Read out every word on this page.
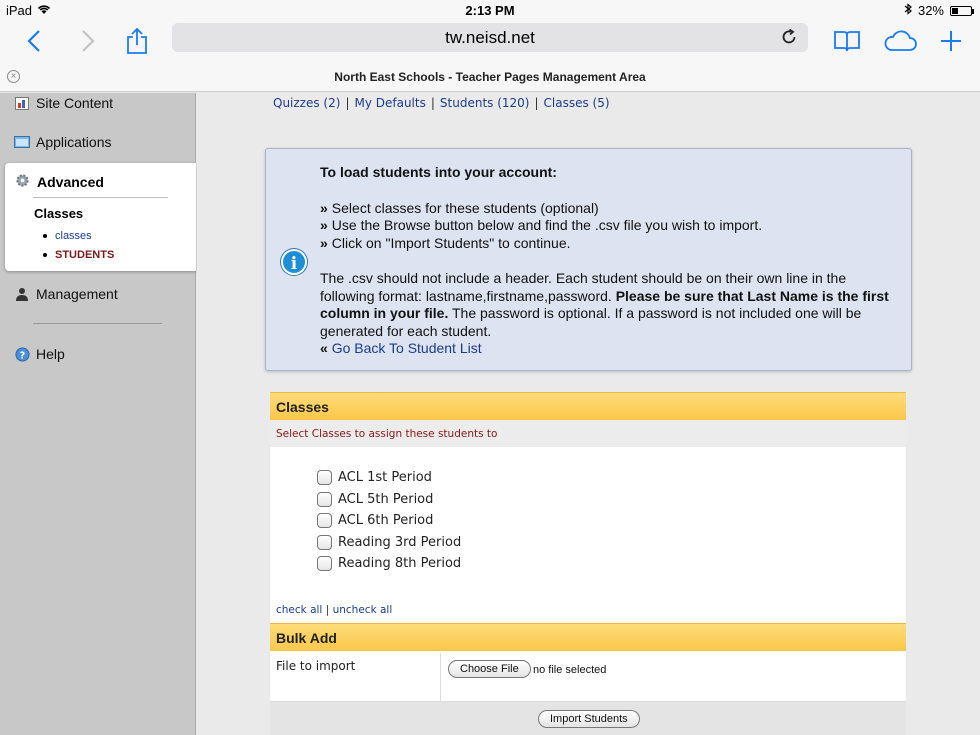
iPad	2:13 PM	32%
tw.neisd.net
×	North East Schools - Teacher Pages Management Area
Site Content
Applications
Advanced
Classes
classes
STUDENTS
Management
? Help
Quizzes (2) | My Defaults | Students (120) | Classes (5)
i
To load students into your account:
» Select classes for these students (optional)
» Use the Browse button below and find the .csv file you wish to import.
» Click on "Import Students" to continue.
The .csv should not include a header. Each student should be on their own line in the following format: lastname,firstname,password. Please be sure that Last Name is the first column in your file. The password is optional. If a password is not included one will be generated for each student.
« Go Back To Student List
Classes
Select Classes to assign these students to
ACL 1st Period
ACL 5th Period
ACL 6th Period
Reading 3rd Period
Reading 8th Period
check all | uncheck all
Bulk Add
File to import	Choose File	no file selected
Import Students
